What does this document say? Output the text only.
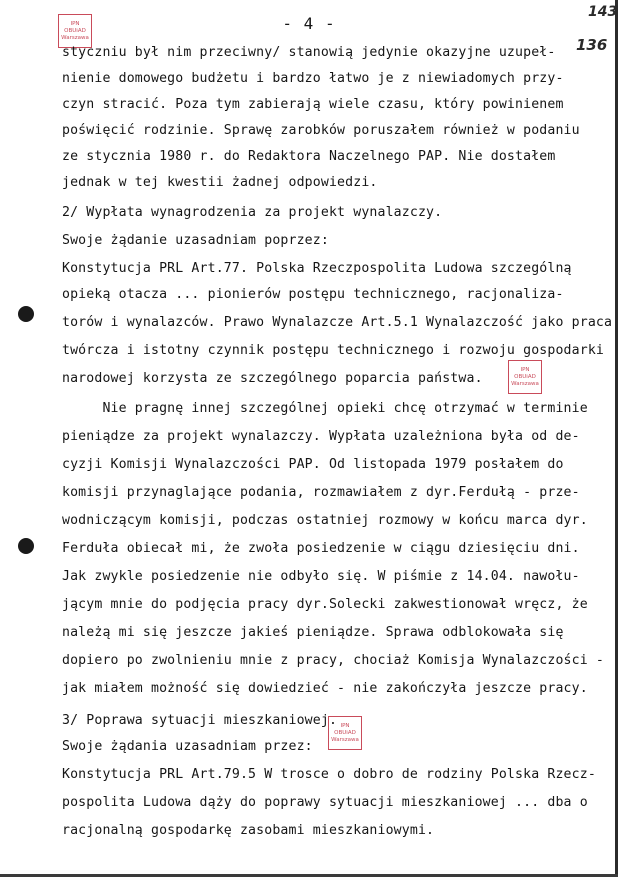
- 4 -
143
136
IPN
OBUiAD
Warszawa
IPN
OBUiAD
Warszawa
IPN
OBUiAD
Warszawa
styczniu był nim przeciwny/ stanowią jedynie okazyjne uzupeł-
nienie domowego budżetu i bardzo łatwo je z niewiadomych przy-
czyn stracić. Poza tym zabierają wiele czasu, który powinienem
poświęcić rodzinie. Sprawę zarobków poruszałem również w podaniu
ze stycznia 1980 r. do Redaktora Naczelnego PAP. Nie dostałem
jednak w tej kwestii żadnej odpowiedzi.
2/ Wypłata wynagrodzenia za projekt wynalazczy.
Swoje żądanie uzasadniam poprzez:
Konstytucja PRL Art.77. Polska Rzeczpospolita Ludowa szczególną
opieką otacza ... pionierów postępu technicznego, racjonaliza-
torów i wynalazców. Prawo Wynalazcze Art.5.1 Wynalazczość jako praca
twórcza i istotny czynnik postępu technicznego i rozwoju gospodarki
narodowej korzysta ze szczególnego poparcia państwa.
Nie pragnę innej szczególnej opieki chcę otrzymać w terminie
pieniądze za projekt wynalazczy. Wypłata uzależniona była od de-
cyzji Komisji Wynalazczości PAP. Od listopada 1979 posłałem do
komisji przynaglające podania, rozmawiałem z dyr.Ferdułą - prze-
wodniczącym komisji, podczas ostatniej rozmowy w końcu marca dyr.
Ferduła obiecał mi, że zwoła posiedzenie w ciągu dziesięciu dni.
Jak zwykle posiedzenie nie odbyło się. W piśmie z 14.04. nawołu-
jącym mnie do podjęcia pracy dyr.Solecki zakwestionował wręcz, że
należą mi się jeszcze jakieś pieniądze. Sprawa odblokowała się
dopiero po zwolnieniu mnie z pracy, chociaż Komisja Wynalazczości -
jak miałem możność się dowiedzieć - nie zakończyła jeszcze pracy.
3/ Poprawa sytuacji mieszkaniowej.
Swoje żądania uzasadniam przez:
Konstytucja PRL Art.79.5 W trosce o dobro de rodziny Polska Rzecz-
pospolita Ludowa dąży do poprawy sytuacji mieszkaniowej ... dba o
racjonalną gospodarkę zasobami mieszkaniowymi.
